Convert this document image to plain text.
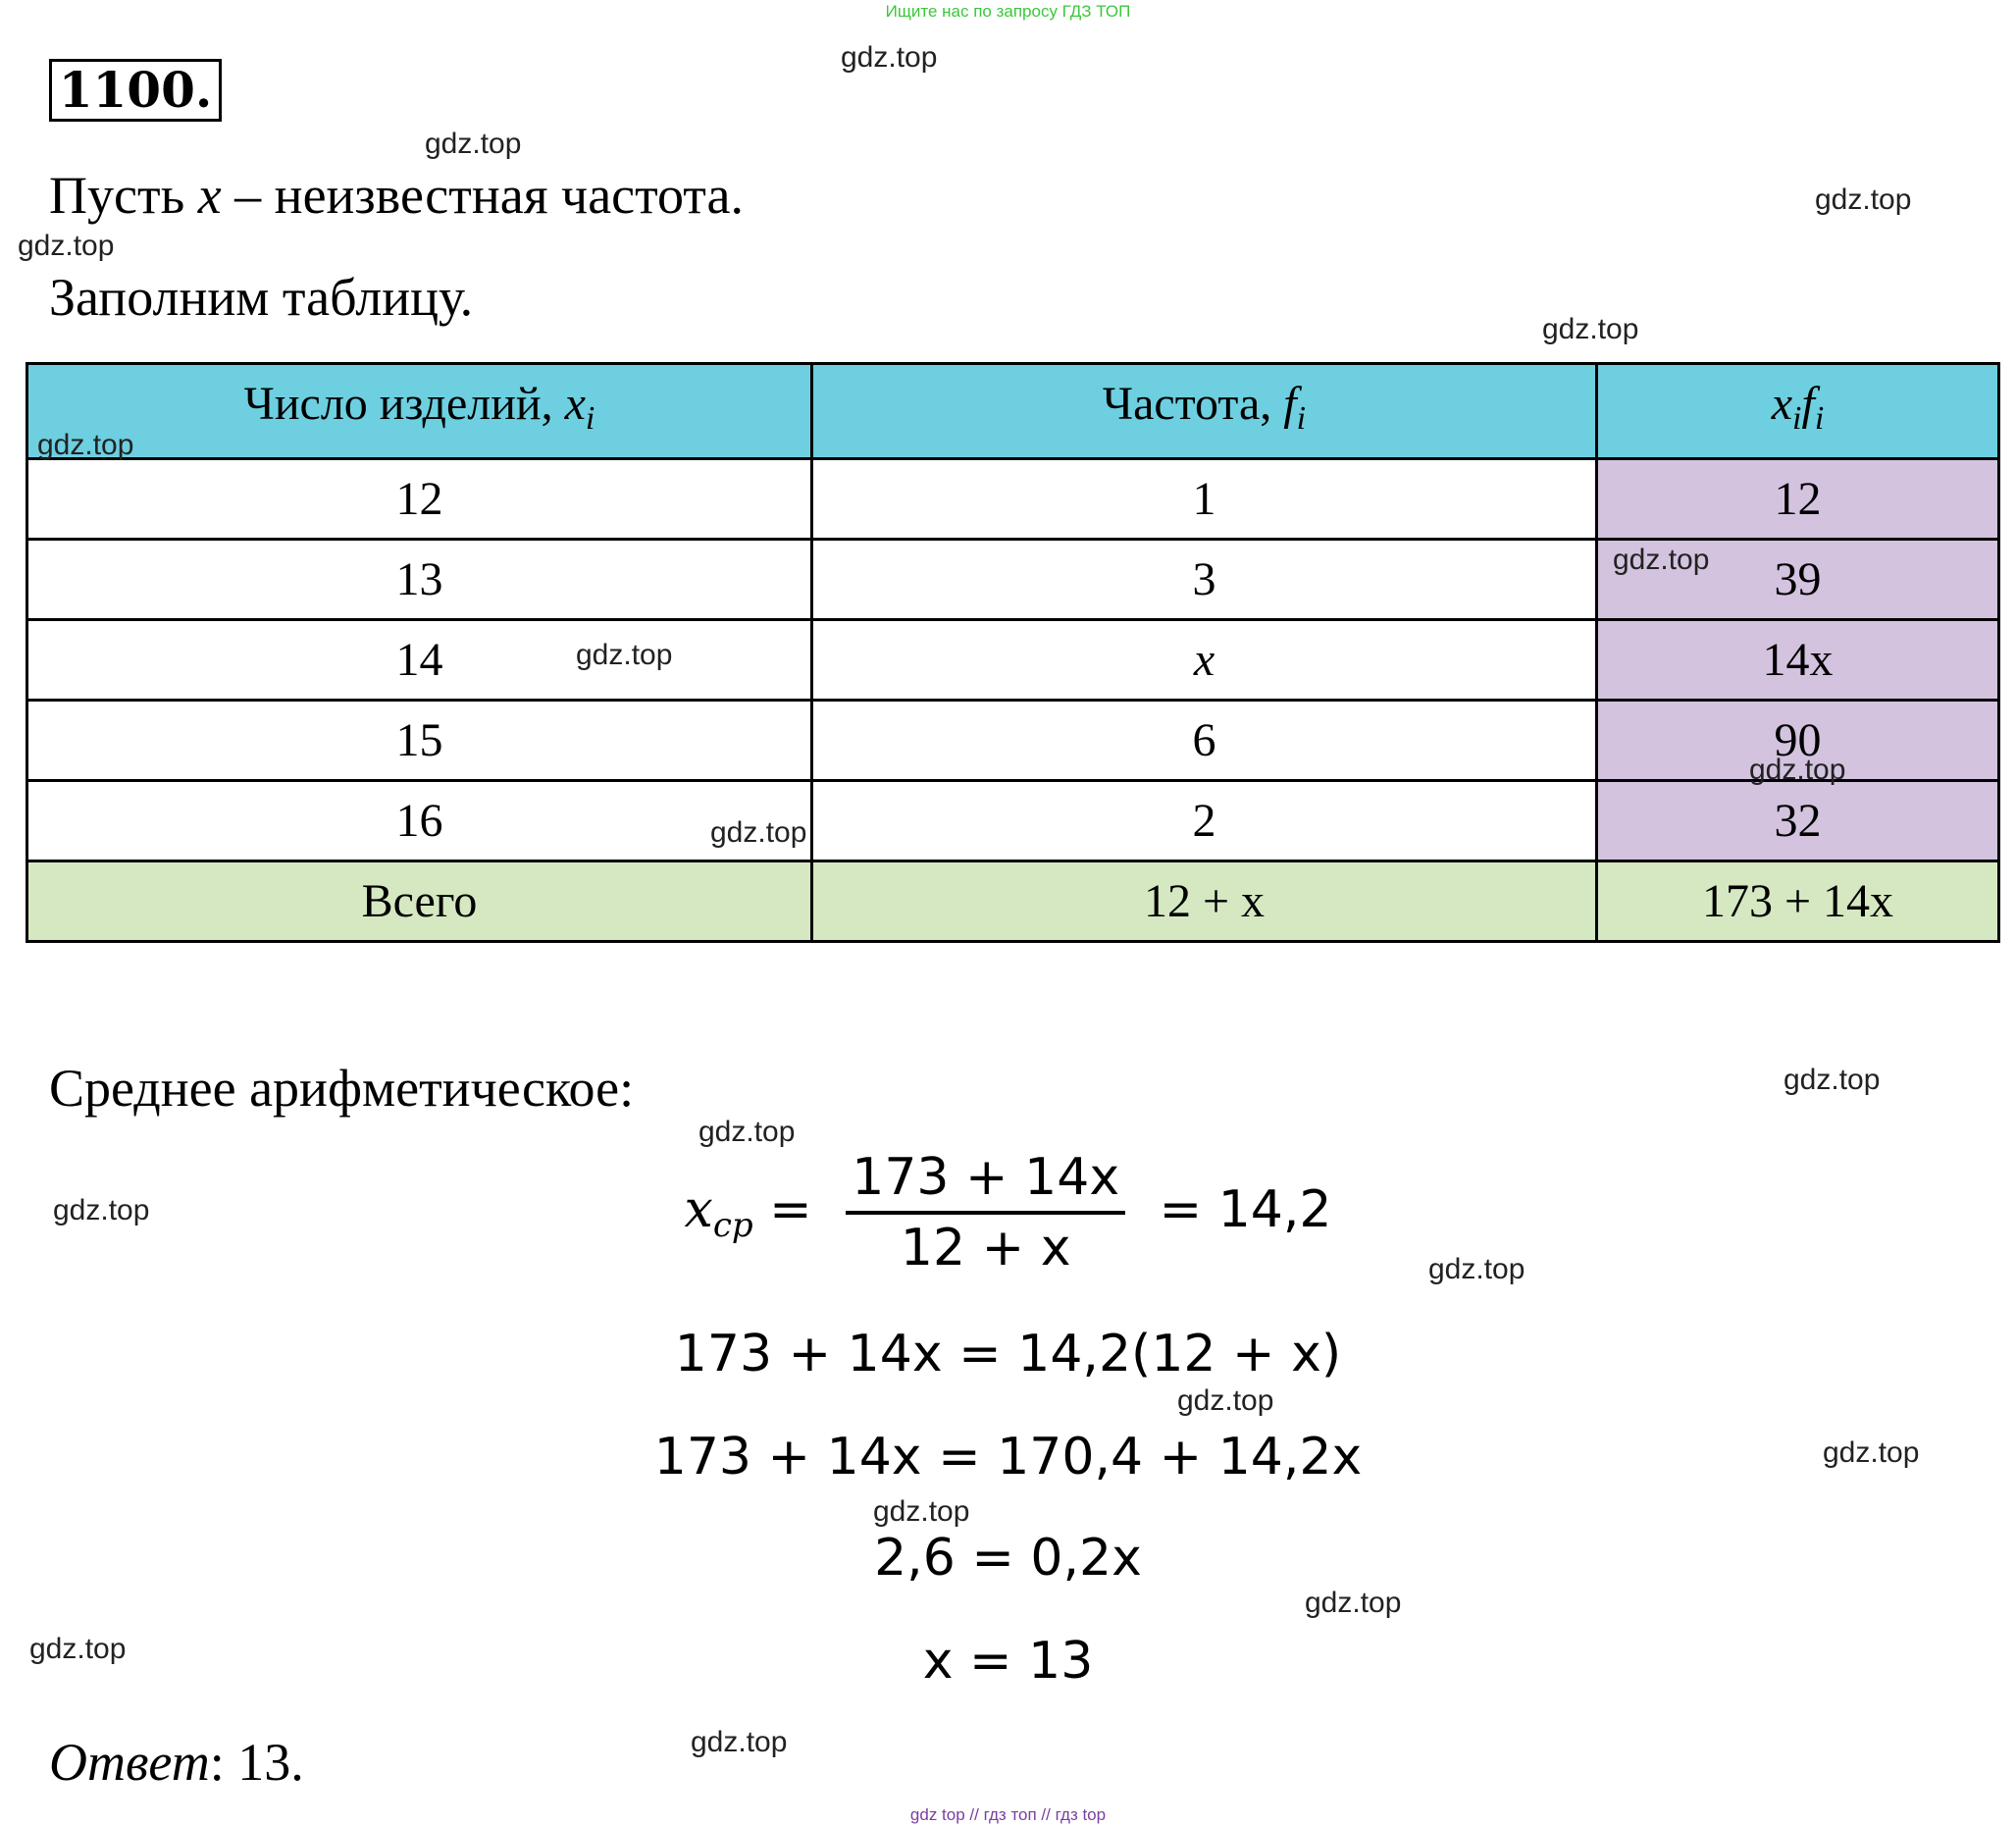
Ищите нас по запросу ГДЗ ТОП
1100.
Пусть x – неизвестная частота.
Заполним таблицу.
Число изделий, $x_i$	Частота, $f_i$	$x_if_i$
12	1	12
13	3	39
14	x	14x
15	6	90
16	2	32
Всего	12 + x	173 + 14x
Среднее арифметическое:
$x_{ср} = \frac{173 + 14x}{12 + x} = 14,2$
173 + 14x = 14,2(12 + x)
173 + 14x = 170,4 + 14,2x
2,6 = 0,2x
x = 13
Ответ: 13.
gdz.top
gdz.top
gdz.top
gdz.top
gdz.top
gdz.top
gdz.top
gdz.top
gdz.top
gdz.top
gdz.top
gdz.top
gdz.top
gdz.top
gdz.top
gdz.top
gdz.top
gdz.top
gdz.top
gdz.top
gdz top // гдз топ // гдз top
